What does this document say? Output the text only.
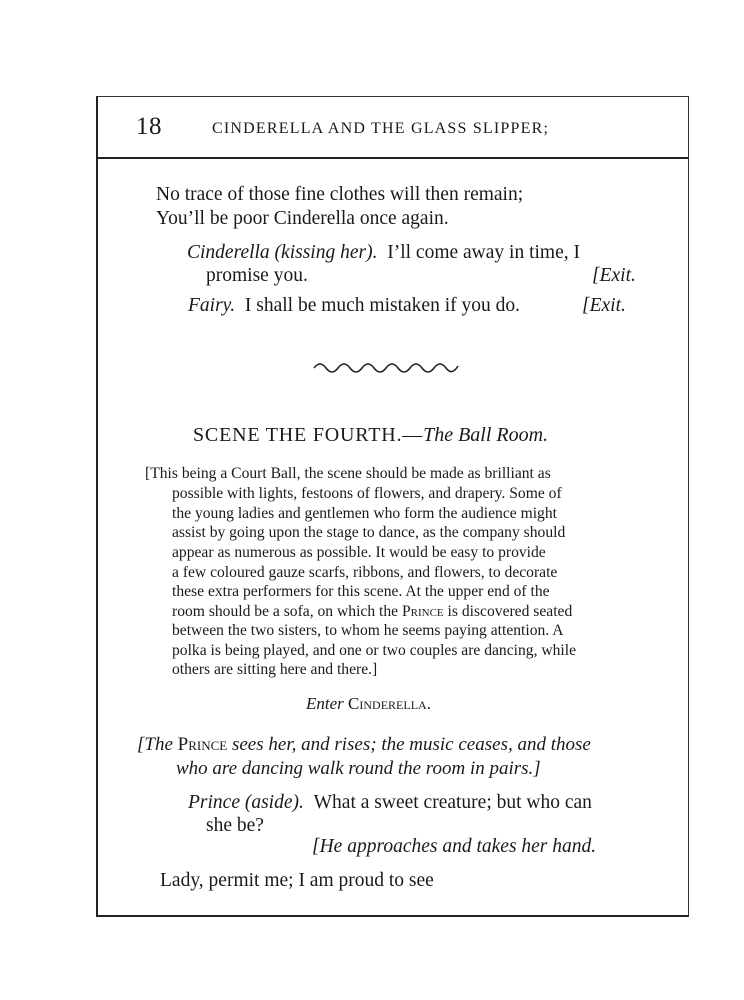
18	CINDERELLA AND THE GLASS SLIPPER;
No trace of those fine clothes will then remain;
You’ll be poor Cinderella once again.
Cinderella (kissing her). I’ll come away in time, I
promise you.	[Exit.
Fairy. I shall be much mistaken if you do.	[Exit.
SCENE THE FOURTH.—The Ball Room.
[This being a Court Ball, the scene should be made as brilliant as
possible with lights, festoons of flowers, and drapery. Some of
the young ladies and gentlemen who form the audience might
assist by going upon the stage to dance, as the company should
appear as numerous as possible. It would be easy to provide
a few coloured gauze scarfs, ribbons, and flowers, to decorate
these extra performers for this scene. At the upper end of the
room should be a sofa, on which the Prince is discovered seated
between the two sisters, to whom he seems paying attention. A
polka is being played, and one or two couples are dancing, while
others are sitting here and there.]
Enter Cinderella.
[The Prince sees her, and rises; the music ceases, and those
who are dancing walk round the room in pairs.]
Prince (aside). What a sweet creature; but who can
she be?
[He approaches and takes her hand.
Lady, permit me; I am proud to see
